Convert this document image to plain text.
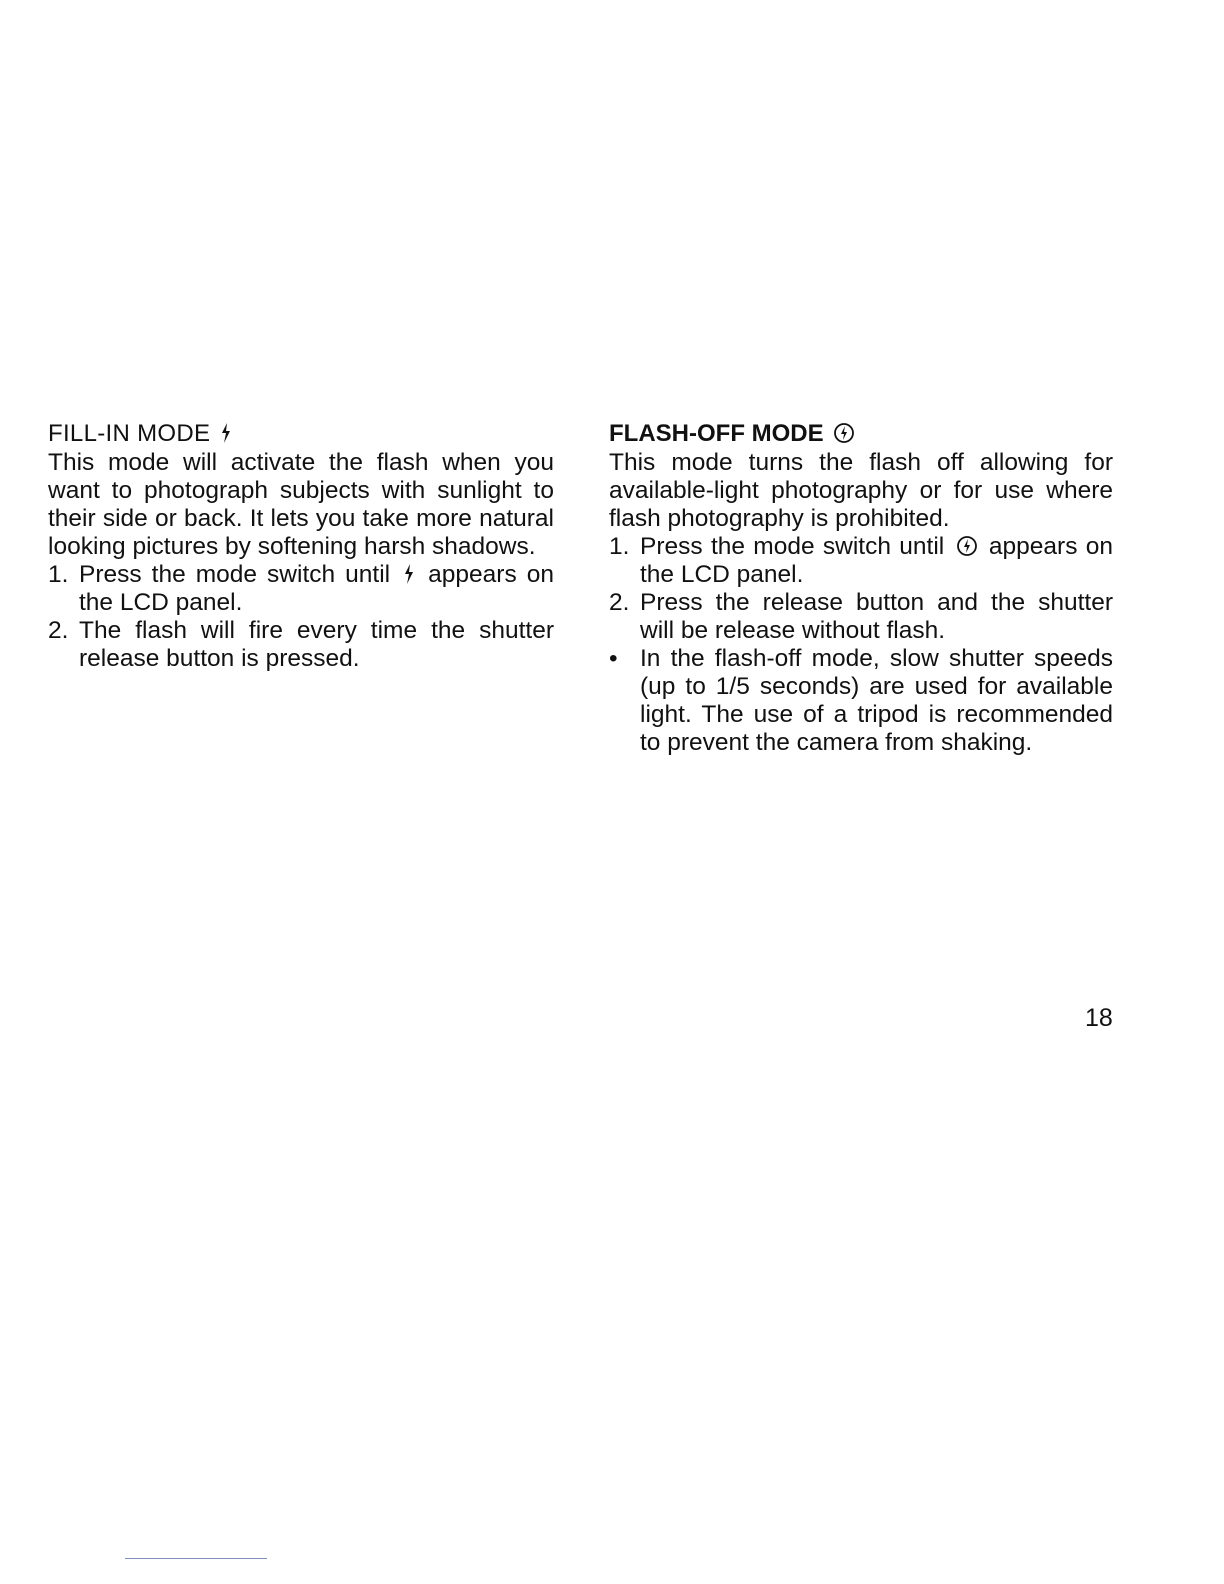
FILL-IN MODE

This mode will activate the flash when you want to photograph subjects with sunlight to their side or back. It lets you take more natural looking pictures by softening harsh shadows.

1. Press the mode switch until appears on the LCD panel.
2. The flash will fire every time the shutter release button is pressed.
FLASH-OFF MODE

This mode turns the flash off allowing for available-light photography or for use where flash photography is prohibited.

1. Press the mode switch until appears on the LCD panel.
2. Press the release button and the shutter will be release without flash.
• In the flash-off mode, slow shutter speeds (up to 1/5 seconds) are used for available light. The use of a tripod is recommended to prevent the camera from shaking.
18
